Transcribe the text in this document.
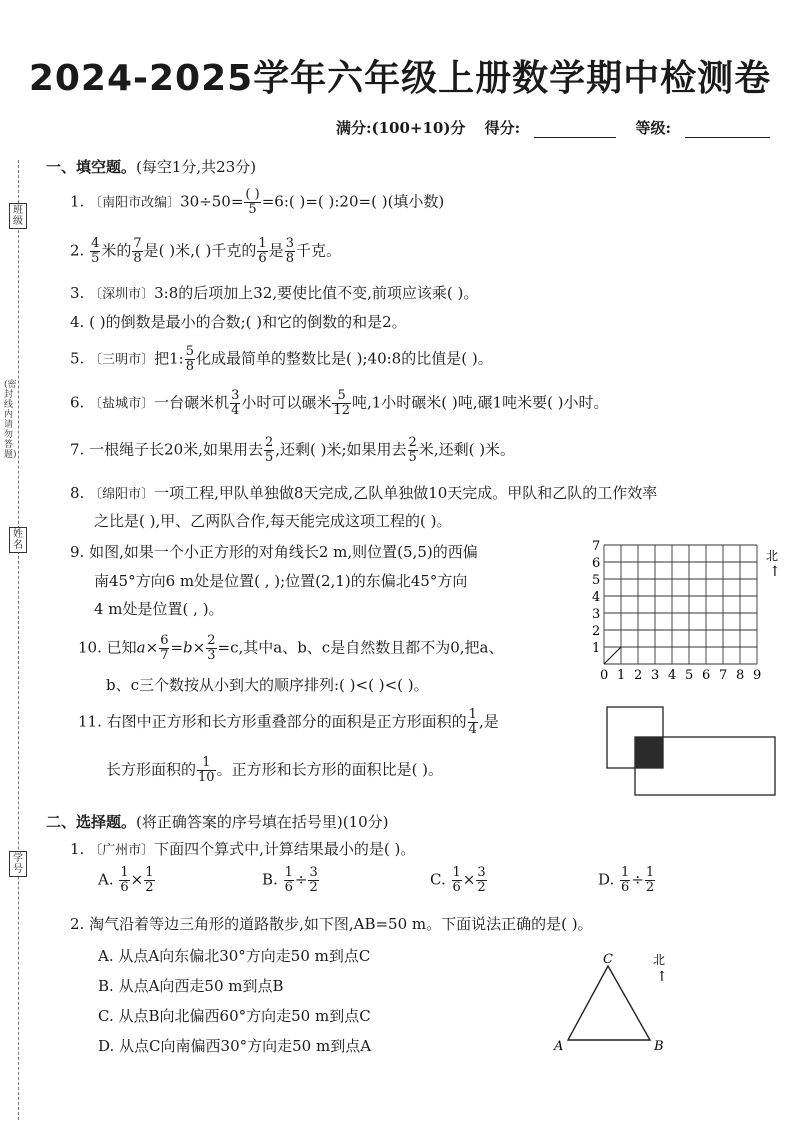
班级
(密封线内请勿答题)
姓名
学号
2024-2025学年六年级上册数学期中检测卷
满分:(100+10)分 得分:	等级:
一、填空题。(每空1分,共23分)
1. 〔南阳市改编〕$30\div 50= \frac{( )}{5}$ =6:( )=( ):20=( )(填小数)
2. $\frac{4}{5}$ 米的 $\frac{7}{8}$ 是( )米,( )千克的 $\frac{1}{6}$ 是 $\frac{3}{8}$ 千克。
3. 〔深圳市〕3:8的后项加上32,要使比值不变,前项应该乘( )。
4. ( )的倒数是最小的合数;( )和它的倒数的和是2。
5. 〔三明市〕把1: $\frac{5}{8}$ 化成最简单的整数比是( );40:8的比值是( )。
6. 〔盐城市〕一台碾米机 $\frac{3}{4}$ 小时可以碾米 $\frac{5}{12}$ 吨,1小时碾米( )吨,碾1吨米要( )小时。
7. 一根绳子长20米,如果用去 $\frac{2}{5}$ ,还剩( )米;如果用去 $\frac{2}{5}$ 米,还剩( )米。
8. 〔绵阳市〕一项工程,甲队单独做8天完成,乙队单独做10天完成。甲队和乙队的工作效率
之比是( ),甲、乙两队合作,每天能完成这项工程的( )。
9. 如图,如果一个小正方形的对角线长2 m,则位置(5,5)的西偏
南45°方向6 m处是位置( , );位置(2,1)的东偏北45°方向
4 m处是位置( , )。
0 1 2 3 4 5 6 7 8 9
1
2
3
4
5
6
7
北
↑
10. 已知$a\times \frac{6}{7} =b\times \frac{2}{3} =c$,其中a、b、c是自然数且都不为0,把a、
b、c三个数按从小到大的顺序排列:( )<( )<( )。
11. 右图中正方形和长方形重叠部分的面积是正方形面积的 $\frac{1}{4}$ ,是
长方形面积的 $\frac{1}{10}$ 。正方形和长方形的面积比是( )。
二、选择题。(将正确答案的序号填在括号里)(10分)
1. 〔广州市〕下面四个算式中,计算结果最小的是( )。
A. $\frac{1}{6} \times \frac{1}{2}$	B. $\frac{1}{6} \div \frac{3}{2}$	C. $\frac{1}{6} \times \frac{3}{2}$	D. $\frac{1}{6} \div \frac{1}{2}$
2. 淘气沿着等边三角形的道路散步,如下图,AB=50 m。下面说法正确的是( )。
A. 从点A向东偏北30°方向走50 m到点C
B. 从点A向西走50 m到点B
C. 从点B向北偏西60°方向走50 m到点C
D. 从点C向南偏西30°方向走50 m到点A
C
A	B
北
↑
